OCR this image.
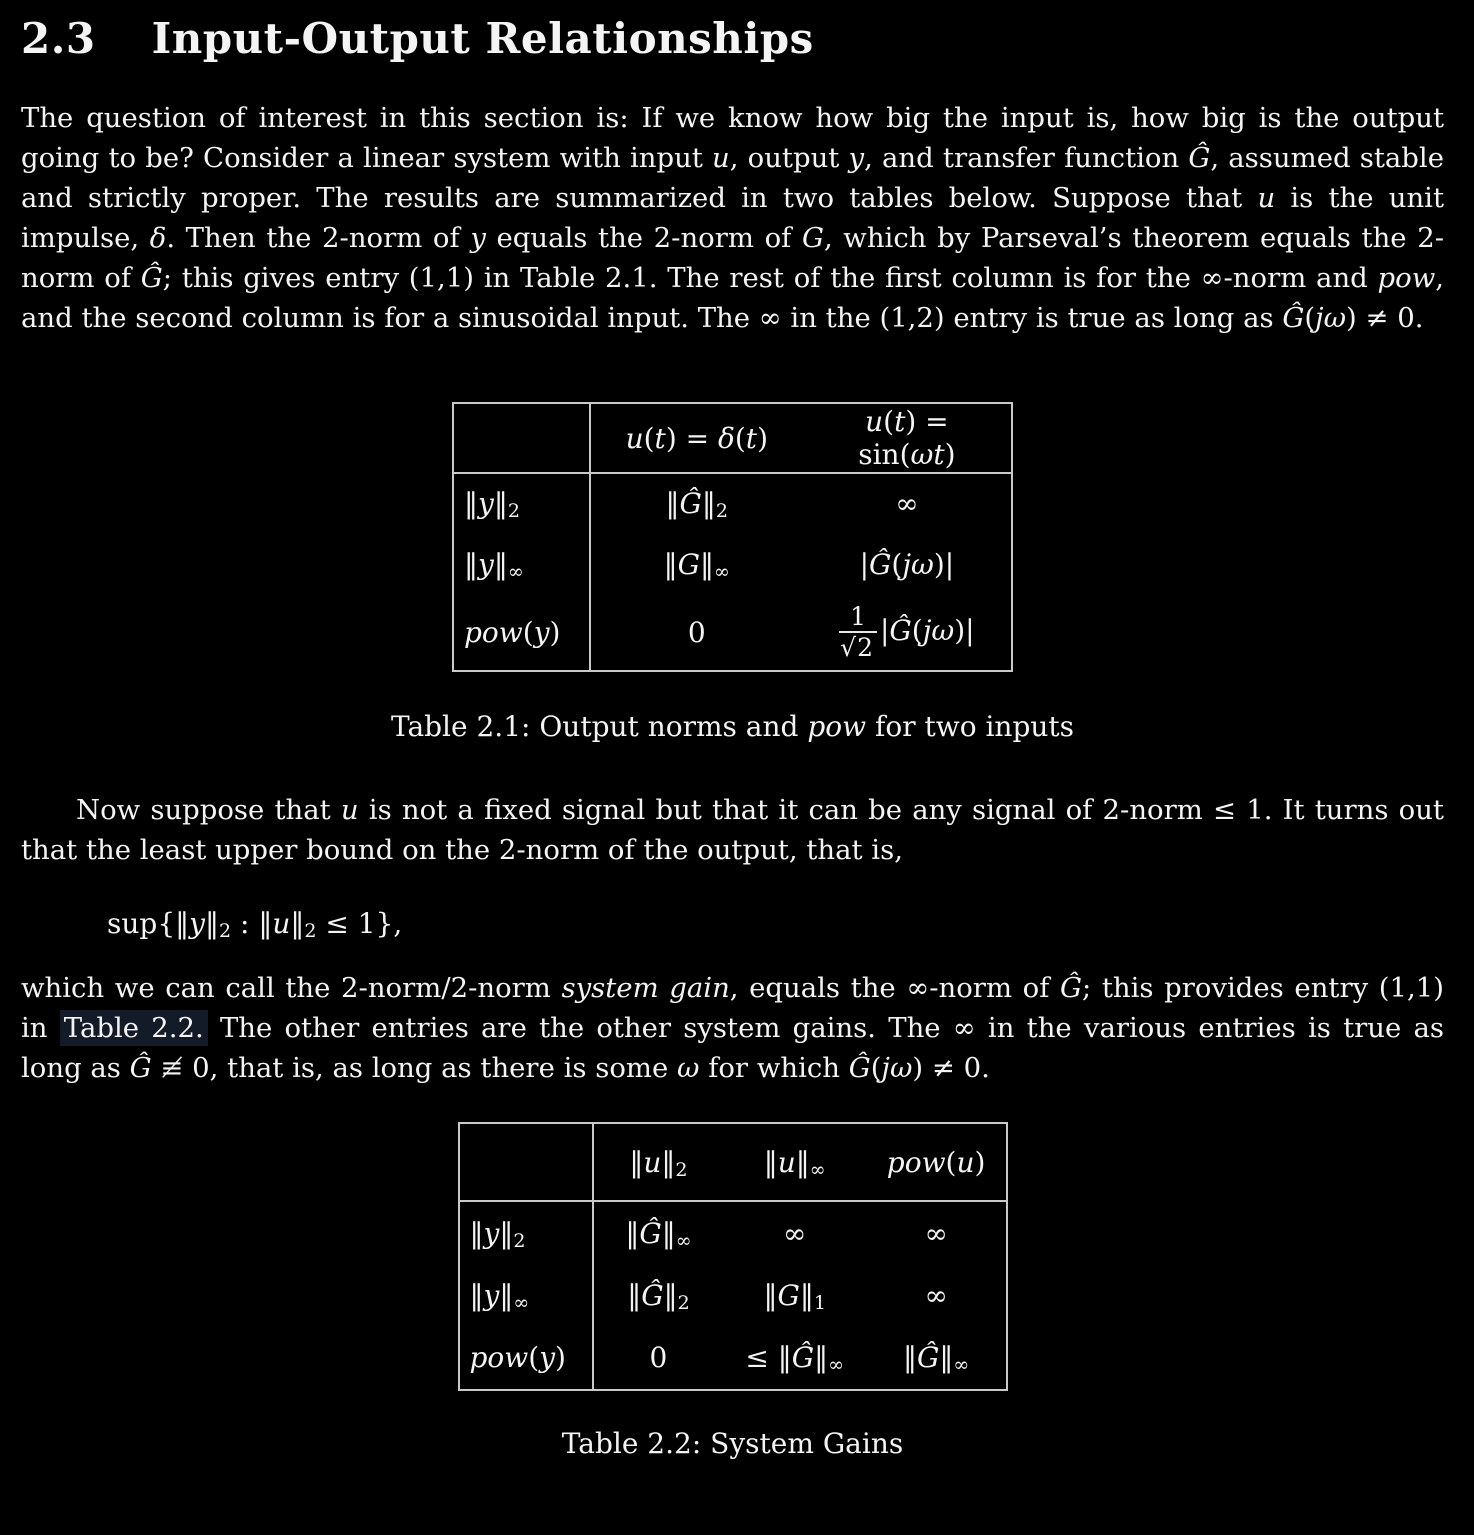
2.3 Input-Output Relationships

The question of interest in this section is: If we know how big the input is, how big is the output going to be? Consider a linear system with input u, output y, and transfer function Ĝ, assumed stable and strictly proper. The results are summarized in two tables below. Suppose that u is the unit impulse, δ. Then the 2-norm of y equals the 2-norm of G, which by Parseval’s theorem equals the 2-norm of Ĝ; this gives entry (1,1) in Table 2.1. The rest of the first column is for the ∞-norm and pow, and the second column is for a sinusoidal input. The ∞ in the (1,2) entry is true as long as Ĝ(jω) ≠ 0.

	u(t) = δ(t)	u(t) = sin(ωt)
$‖y‖_2$	$‖Ĝ‖_2$	∞
$‖y‖_\infty$	$‖G‖_\infty$	|Ĝ(jω)|
pow(y)	0	$\frac{1}{√2}$ |Ĝ(jω)|

Table 2.1: Output norms and pow for two inputs

Now suppose that u is not a fixed signal but that it can be any signal of 2-norm ≤ 1. It turns out that the least upper bound on the 2-norm of the output, that is,

$sup\{‖y‖_2$ : $‖u‖_2 \le 1$},

which we can call the 2-norm/2-norm system gain, equals the ∞-norm of Ĝ; this provides entry (1,1) in Table 2.2. The other entries are the other system gains. The ∞ in the various entries is true as long as Ĝ ≢ 0, that is, as long as there is some ω for which Ĝ(jω) ≠ 0.

	$‖u‖_2$	$‖u‖_\infty$	pow(u)
$‖y‖_2$	$‖Ĝ‖_\infty$	∞	∞
$‖y‖_\infty$	$‖Ĝ‖_2$	$‖G‖_1$	∞
pow(y)	0	≤ $‖Ĝ‖_\infty$	$‖Ĝ‖_\infty$

Table 2.2: System Gains
